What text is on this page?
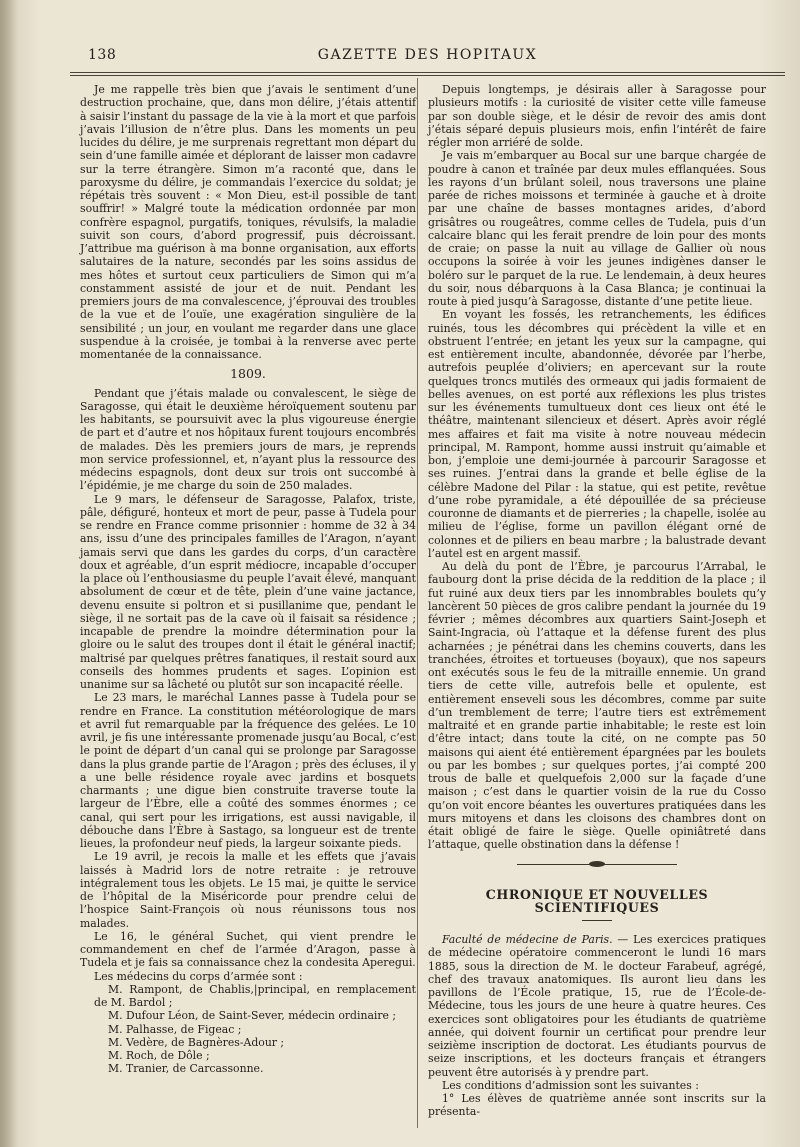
138	GAZETTE DES HOPITAUX

Je me rappelle très bien que j’avais le sentiment d’une destruction prochaine, que, dans mon délire, j’étais attentif à saisir l’instant du passage de la vie à la mort et que parfois j’avais l’illusion de n’être plus. Dans les moments un peu lucides du délire, je me surprenais regrettant mon départ du sein d’une famille aimée et déplorant de laisser mon cadavre sur la terre étrangère. Simon m’a raconté que, dans le paroxysme du délire, je commandais l’exercice du soldat; je répétais très souvent : « Mon Dieu, est-il possible de tant souffrir! » Malgré toute la médication ordonnée par mon confrère espagnol, purgatifs, toniques, révulsifs, la maladie suivit son cours, d’abord progressif, puis décroissant. J’attribue ma guérison à ma bonne organisation, aux efforts salutaires de la nature, secondés par les soins assidus de mes hôtes et surtout ceux particuliers de Simon qui m’a constamment assisté de jour et de nuit. Pendant les premiers jours de ma convalescence, j’éprouvai des troubles de la vue et de l’ouïe, une exagération singulière de la sensibilité ; un jour, en voulant me regarder dans une glace suspendue à la croisée, je tombai à la renverse avec perte momentanée de la connaissance.

1809.

Pendant que j’étais malade ou convalescent, le siège de Saragosse, qui était le deuxième héroïquement soutenu par les habitants, se poursuivit avec la plus vigoureuse énergie de part et d’autre et nos hôpitaux furent toujours encombrés de malades. Dès les premiers jours de mars, je reprends mon service professionnel, et, n’ayant plus la ressource des médecins espagnols, dont deux sur trois ont succombé à l’épidémie, je me charge du soin de 250 malades.

Le 9 mars, le défenseur de Saragosse, Palafox, triste, pâle, défiguré, honteux et mort de peur, passe à Tudela pour se rendre en France comme prisonnier : homme de 32 à 34 ans, issu d’une des principales familles de l’Aragon, n’ayant jamais servi que dans les gardes du corps, d’un caractère doux et agréable, d’un esprit médiocre, incapable d’occuper la place où l’enthousiasme du peuple l’avait élevé, manquant absolument de cœur et de tête, plein d’une vaine jactance, devenu ensuite si poltron et si pusillanime que, pendant le siège, il ne sortait pas de la cave où il faisait sa résidence ; incapable de prendre la moindre détermination pour la gloire ou le salut des troupes dont il était le général inactif; maltrisé par quelques prêtres fanatiques, il restait sourd aux conseils des hommes prudents et sages. L’opinion est unanime sur sa lâcheté ou plutôt sur son incapacité réelle.

Le 23 mars, le maréchal Lannes passe à Tudela pour se rendre en France. La constitution météorologique de mars et avril fut remarquable par la fréquence des gelées. Le 10 avril, je fis une intéressante promenade jusqu’au Bocal, c’est le point de départ d’un canal qui se prolonge par Saragosse dans la plus grande partie de l’Aragon ; près des écluses, il y a une belle résidence royale avec jardins et bosquets charmants ; une digue bien construite traverse toute la largeur de l’Èbre, elle a coûté des sommes énormes ; ce canal, qui sert pour les irrigations, est aussi navigable, il débouche dans l’Èbre à Sastago, sa longueur est de trente lieues, la profondeur neuf pieds, la largeur soixante pieds.

Le 19 avril, je recois la malle et les effets que j’avais laissés à Madrid lors de notre retraite : je retrouve intégralement tous les objets. Le 15 mai, je quitte le service de l’hôpital de la Miséricorde pour prendre celui de l’hospice Saint-François où nous réunissons tous nos malades.

Le 16, le général Suchet, qui vient prendre le commandement en chef de l’armée d’Aragon, passe à Tudela et je fais sa connaissance chez la condesita Aperegui.

Les médecins du corps d’armée sont :

M. Rampont, de Chablis,|principal, en remplacement de M. Bardol ;

M. Dufour Léon, de Saint-Sever, médecin ordinaire ;

M. Palhasse, de Figeac ;

M. Vedère, de Bagnères-Adour ;

M. Roch, de Dôle ;

M. Tranier, de Carcassonne.

Depuis longtemps, je désirais aller à Saragosse pour plusieurs motifs : la curiosité de visiter cette ville fameuse par son double siège, et le désir de revoir des amis dont j’étais séparé depuis plusieurs mois, enfin l’intérêt de faire régler mon arriéré de solde.

Je vais m’embarquer au Bocal sur une barque chargée de poudre à canon et traînée par deux mules efflanquées. Sous les rayons d’un brûlant soleil, nous traversons une plaine parée de riches moissons et terminée à gauche et à droite par une chaîne de basses montagnes arides, d’abord grisâtres ou rougeâtres, comme celles de Tudela, puis d’un calcaire blanc qui les ferait prendre de loin pour des monts de craie; on passe la nuit au village de Gallier où nous occupons la soirée à voir les jeunes indigènes danser le boléro sur le parquet de la rue. Le lendemain, à deux heures du soir, nous débarquons à la Casa Blanca; je continuai la route à pied jusqu’à Saragosse, distante d’une petite lieue.

En voyant les fossés, les retranchements, les édifices ruinés, tous les décombres qui précèdent la ville et en obstruent l’entrée; en jetant les yeux sur la campagne, qui est entièrement inculte, abandonnée, dévorée par l’herbe, autrefois peuplée d’oliviers; en apercevant sur la route quelques troncs mutilés des ormeaux qui jadis formaient de belles avenues, on est porté aux réflexions les plus tristes sur les événements tumultueux dont ces lieux ont été le théâtre, maintenant silencieux et désert. Après avoir réglé mes affaires et fait ma visite à notre nouveau médecin principal, M. Rampont, homme aussi instruit qu’aimable et bon, j’emploie une demi-journée à parcourir Saragosse et ses ruines. J’entrai dans la grande et belle église de la célèbre Madone del Pilar : la statue, qui est petite, revêtue d’une robe pyramidale, a été dépouillée de sa précieuse couronne de diamants et de pierreries ; la chapelle, isolée au milieu de l’église, forme un pavillon élégant orné de colonnes et de piliers en beau marbre ; la balustrade devant l’autel est en argent massif.

Au delà du pont de l’Èbre, je parcourus l’Arrabal, le faubourg dont la prise décida de la reddition de la place ; il fut ruiné aux deux tiers par les innombrables boulets qu’y lancèrent 50 pièces de gros calibre pendant la journée du 19 février ; mêmes décombres aux quartiers Saint-Joseph et Saint-Ingracia, où l’attaque et la défense furent des plus acharnées ; je pénétrai dans les chemins couverts, dans les tranchées, étroites et tortueuses (boyaux), que nos sapeurs ont exécutés sous le feu de la mitraille ennemie. Un grand tiers de cette ville, autrefois belle et opulente, est entièrement enseveli sous les décombres, comme par suite d’un tremblement de terre; l’autre tiers est extrêmement maltraité et en grande partie inhabitable; le reste est loin d’être intact; dans toute la cité, on ne compte pas 50 maisons qui aient été entièrement épargnées par les boulets ou par les bombes ; sur quelques portes, j’ai compté 200 trous de balle et quelquefois 2,000 sur la façade d’une maison ; c’est dans le quartier voisin de la rue du Cosso qu’on voit encore béantes les ouvertures pratiquées dans les murs mitoyens et dans les cloisons des chambres dont on était obligé de faire le siège. Quelle opiniâtreté dans l’attaque, quelle obstination dans la défense !

CHRONIQUE ET NOUVELLES SCIENTIFIQUES

Faculté de médecine de Paris. — Les exercices pratiques de médecine opératoire commenceront le lundi 16 mars 1885, sous la direction de M. le docteur Farabeuf, agrégé, chef des travaux anatomiques. Ils auront lieu dans les pavillons de l’École pratique, 15, rue de l’École-de-Médecine, tous les jours de une heure à quatre heures. Ces exercices sont obligatoires pour les étudiants de quatrième année, qui doivent fournir un certificat pour prendre leur seizième inscription de doctorat. Les étudiants pourvus de seize inscriptions, et les docteurs français et étrangers peuvent être autorisés à y prendre part.

Les conditions d’admission sont les suivantes :

1° Les élèves de quatrième année sont inscrits sur la présenta-
